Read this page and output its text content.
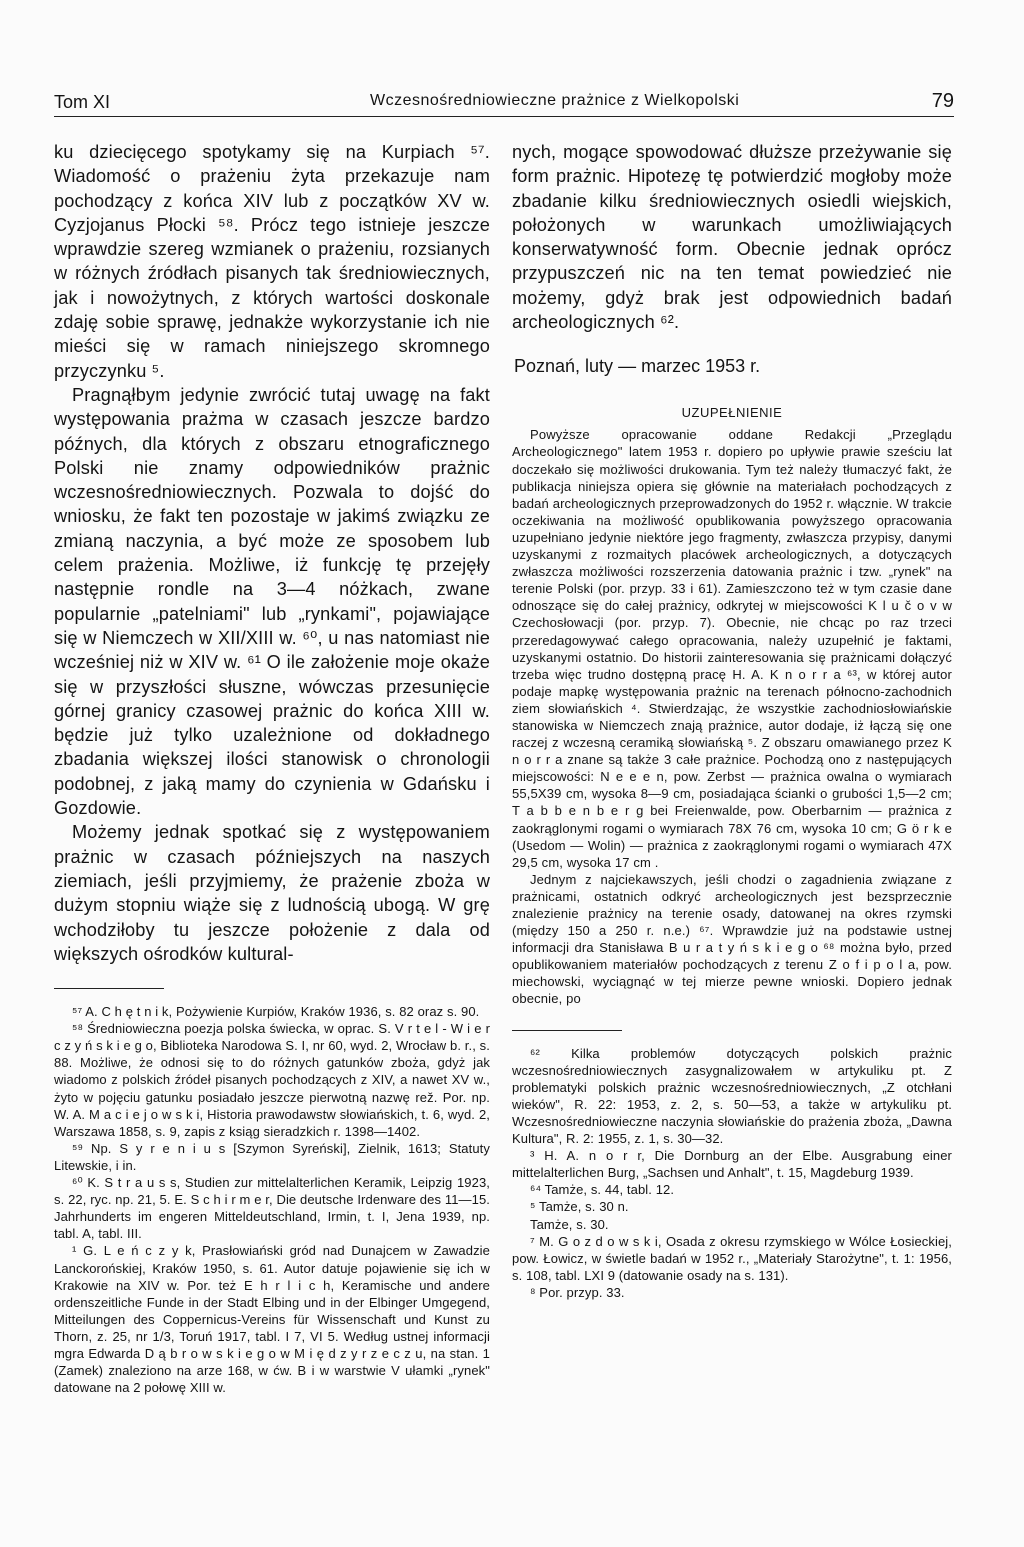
Tom XI	Wczesnośredniowieczne prażnice z Wielkopolski	79

ku dziecięcego spotykamy się na Kurpiach ⁵⁷. Wiadomość o prażeniu żyta przekazuje nam pochodzący z końca XIV lub z początków XV w. Cyzjojanus Płocki ⁵⁸. Prócz tego istnieje jeszcze wprawdzie szereg wzmianek o prażeniu, rozsianych w różnych źródłach pisanych tak średniowiecznych, jak i nowożytnych, z których wartości doskonale zdaję sobie sprawę, jednakże wykorzystanie ich nie mieści się w ramach niniejszego skromnego przyczynku ⁵.

Pragnąłbym jedynie zwrócić tutaj uwagę na fakt występowania prażma w czasach jeszcze bardzo późnych, dla których z obszaru etnograficznego Polski nie znamy odpowiedników prażnic wczesnośredniowiecznych. Pozwala to dojść do wniosku, że fakt ten pozostaje w jakimś związku ze zmianą naczynia, a być może ze sposobem lub celem prażenia. Możliwe, iż funkcję tę przejęły następnie rondle na 3—4 nóżkach, zwane popularnie „patelniami" lub „rynkami", pojawiające się w Niemczech w XII/XIII w. ⁶⁰, u nas natomiast nie wcześniej niż w XIV w. ⁶¹ O ile założenie moje okaże się w przyszłości słuszne, wówczas przesunięcie górnej granicy czasowej prażnic do końca XIII w. będzie już tylko uzależnione od dokładnego zbadania większej ilości stanowisk o chronologii podobnej, z jaką mamy do czynienia w Gdańsku i Gozdowie.

Możemy jednak spotkać się z występowaniem prażnic w czasach późniejszych na naszych ziemiach, jeśli przyjmiemy, że prażenie zboża w dużym stopniu wiąże się z ludnością ubogą. W grę wchodziłoby tu jeszcze położenie z dala od większych ośrodków kultural-

⁵⁷ A. C h ę t n i k, Pożywienie Kurpiów, Kraków 1936, s. 82 oraz s. 90.

⁵⁸ Średniowieczna poezja polska świecka, w oprac. S. V r t e l - W i e r c z y ń s k i e g o, Biblioteka Narodowa S. I, nr 60, wyd. 2, Wrocław b. r., s. 88. Możliwe, że odnosi się to do różnych gatunków zboża, gdyż jak wiadomo z polskich źródeł pisanych pochodzących z XIV, a nawet XV w., żyto w pojęciu gatunku posiadało jeszcze pierwotną nazwę rež. Por. np. W. A. M a c i e j o w s k i, Historia prawodawstw słowiańskich, t. 6, wyd. 2, Warszawa 1858, s. 9, zapis z ksiąg sieradzkich r. 1398—1402.

⁵⁹ Np. S y r e n i u s [Szymon Syreński], Zielnik, 1613; Statuty Litewskie, i in.

⁶⁰ K. S t r a u s s, Studien zur mittelalterlichen Keramik, Leipzig 1923, s. 22, ryc. np. 21, 5. E. S c h i r m e r, Die deutsche Irdenware des 11—15. Jahrhunderts im engeren Mitteldeutschland, Irmin, t. I, Jena 1939, np. tabl. A, tabl. III.

¹ G. L e ń c z y k, Prasłowiański gród nad Dunajcem w Zawadzie Lanckorońskiej, Kraków 1950, s. 61. Autor datuje pojawienie się ich w Krakowie na XIV w. Por. też E h r l i c h, Keramische und andere ordenszeitliche Funde in der Stadt Elbing und in der Elbinger Umgegend, Mitteilungen des Coppernicus-Vereins für Wissenschaft und Kunst zu Thorn, z. 25, nr 1/3, Toruń 1917, tabl. I 7, VI 5. Według ustnej informacji mgra Edwarda D ą b r o w s k i e g o w M i ę d z y r z e c z u, na stan. 1 (Zamek) znaleziono na arze 168, w ćw. B i w warstwie V ułamki „rynek" datowane na 2 połowę XIII w.

nych, mogące spowodować dłuższe przeżywanie się form prażnic. Hipotezę tę potwierdzić mogłoby może zbadanie kilku średniowiecznych osiedli wiejskich, położonych w warunkach umożliwiających konserwatywność form. Obecnie jednak oprócz przypuszczeń nic na ten temat powiedzieć nie możemy, gdyż brak jest odpowiednich badań archeologicznych ⁶².

Poznań, luty — marzec 1953 r.
UZUPEŁNIENIE

Powyższe opracowanie oddane Redakcji „Przeglądu Archeologicznego" latem 1953 r. dopiero po upływie prawie sześciu lat doczekało się możliwości drukowania. Tym też należy tłumaczyć fakt, że publikacja niniejsza opiera się głównie na materiałach pochodzących z badań archeologicznych przeprowadzonych do 1952 r. włącznie. W trakcie oczekiwania na możliwość opublikowania powyższego opracowania uzupełniano jedynie niektóre jego fragmenty, zwłaszcza przypisy, danymi uzyskanymi z rozmaitych placówek archeologicznych, a dotyczących zwłaszcza możliwości rozszerzenia datowania prażnic i tzw. „rynek" na terenie Polski (por. przyp. 33 i 61). Zamieszczono też w tym czasie dane odnoszące się do całej prażnicy, odkrytej w miejscowości K l u č o v w Czechosłowacji (por. przyp. 7). Obecnie, nie chcąc po raz trzeci przeredagowywać całego opracowania, należy uzupełnić je faktami, uzyskanymi ostatnio. Do historii zainteresowania się prażnicami dołączyć trzeba więc trudno dostępną pracę H. A. K n o r r a ⁶³, w której autor podaje mapkę występowania prażnic na terenach północno-zachodnich ziem słowiańskich ⁴. Stwierdzając, że wszystkie zachodniosłowiańskie stanowiska w Niemczech znają prażnice, autor dodaje, iż łączą się one raczej z wczesną ceramiką słowiańską ⁵. Z obszaru omawianego przez K n o r r a znane są także 3 całe prażnice. Pochodzą ono z następujących miejscowości: N e e e n, pow. Zerbst — prażnica owalna o wymiarach 55,5X39 cm, wysoka 8—9 cm, posiadająca ścianki o grubości 1,5—2 cm; T a b b e n b e r g bei Freienwalde, pow. Oberbarnim — prażnica z zaokrąglonymi rogami o wymiarach 78X 76 cm, wysoka 10 cm; G ö r k e (Usedom — Wolin) — prażnica z zaokrąglonymi rogami o wymiarach 47X 29,5 cm, wysoka 17 cm .

Jednym z najciekawszych, jeśli chodzi o zagadnienia związane z prażnicami, ostatnich odkryć archeologicznych jest bezsprzecznie znalezienie prażnicy na terenie osady, datowanej na okres rzymski (między 150 a 250 r. n.e.) ⁶⁷. Wprawdzie już na podstawie ustnej informacji dra Stanisława B u r a t y ń s k i e g o ⁶⁸ można było, przed opublikowaniem materiałów pochodzących z terenu Z o f i p o l a, pow. miechowski, wyciągnąć w tej mierze pewne wnioski. Dopiero jednak obecnie, po

⁶² Kilka problemów dotyczących polskich prażnic wczesnośredniowiecznych zasygnalizowałem w artykuliku pt. Z problematyki polskich prażnic wczesnośredniowiecznych, „Z otchłani wieków", R. 22: 1953, z. 2, s. 50—53, a także w artykuliku pt. Wczesnośredniowieczne naczynia słowiańskie do prażenia zboża, „Dawna Kultura", R. 2: 1955, z. 1, s. 30—32.

³ H. A. n o r r, Die Dornburg an der Elbe. Ausgrabung einer mittelalterlichen Burg, „Sachsen und Anhalt", t. 15, Magdeburg 1939.

⁶⁴ Tamże, s. 44, tabl. 12.

⁵ Tamże, s. 30 n.

Tamże, s. 30.

⁷ M. G o z d o w s k i, Osada z okresu rzymskiego w Wólce Łosieckiej, pow. Łowicz, w świetle badań w 1952 r., „Materiały Starożytne", t. 1: 1956, s. 108, tabl. LXI 9 (datowanie osady na s. 131).

⁸ Por. przyp. 33.
